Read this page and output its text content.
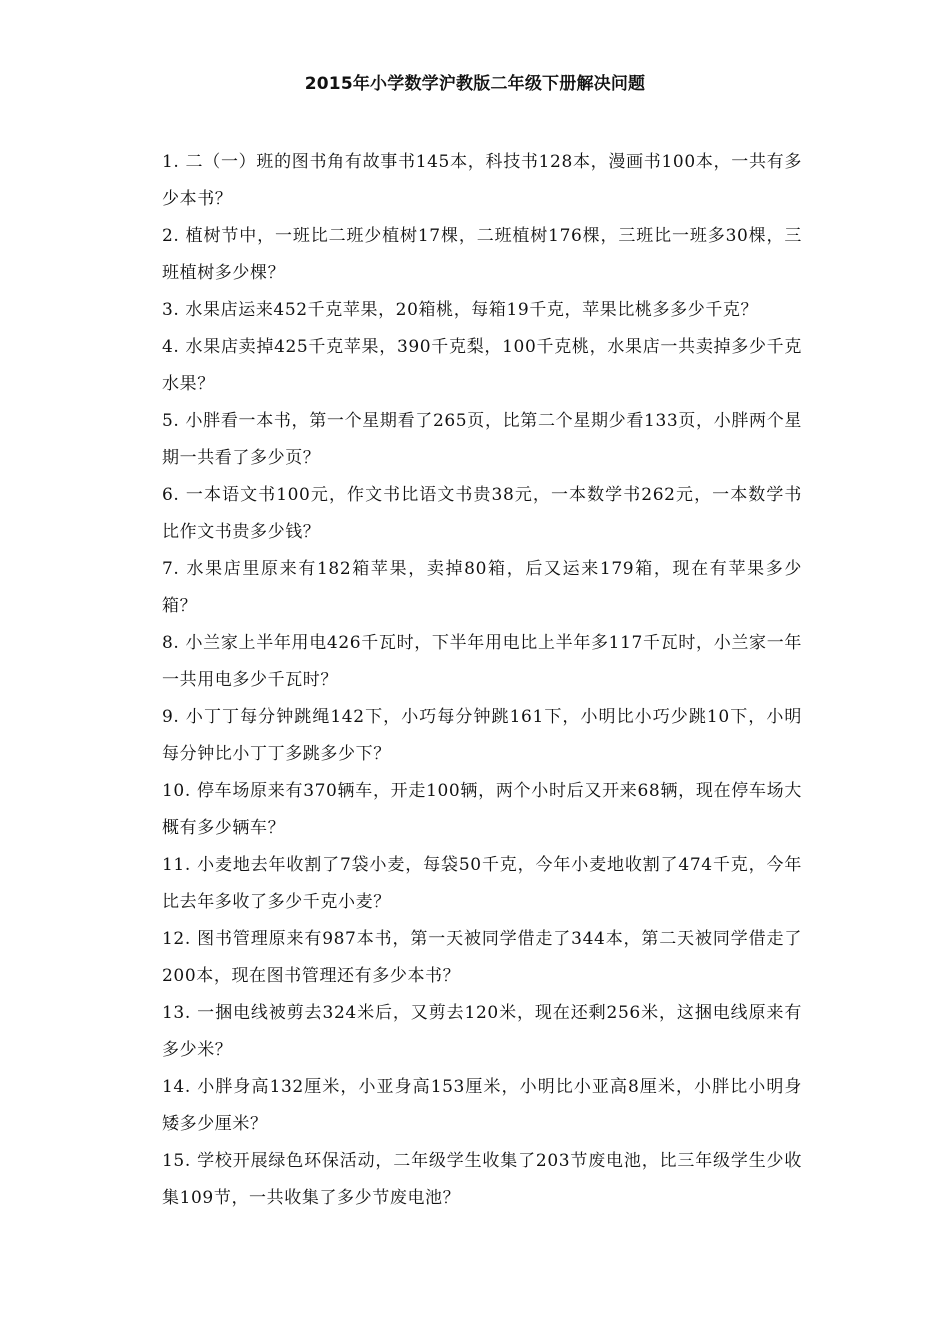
2015年小学数学沪教版二年级下册解决问题
1. 二（一）班的图书角有故事书145本，科技书128本，漫画书100本，一共有多少本书？
2. 植树节中，一班比二班少植树17棵，二班植树176棵，三班比一班多30棵，三班植树多少棵？
3. 水果店运来452千克苹果，20箱桃，每箱19千克，苹果比桃多多少千克？
4. 水果店卖掉425千克苹果，390千克梨，100千克桃，水果店一共卖掉多少千克水果？
5. 小胖看一本书，第一个星期看了265页，比第二个星期少看133页，小胖两个星期一共看了多少页？
6. 一本语文书100元，作文书比语文书贵38元，一本数学书262元，一本数学书比作文书贵多少钱？
7. 水果店里原来有182箱苹果，卖掉80箱，后又运来179箱，现在有苹果多少箱？
8. 小兰家上半年用电426千瓦时，下半年用电比上半年多117千瓦时，小兰家一年一共用电多少千瓦时？
9. 小丁丁每分钟跳绳142下，小巧每分钟跳161下，小明比小巧少跳10下，小明每分钟比小丁丁多跳多少下？
10. 停车场原来有370辆车，开走100辆，两个小时后又开来68辆，现在停车场大概有多少辆车？
11. 小麦地去年收割了7袋小麦，每袋50千克，今年小麦地收割了474千克，今年比去年多收了多少千克小麦？
12. 图书管理原来有987本书，第一天被同学借走了344本，第二天被同学借走了200本，现在图书管理还有多少本书？
13. 一捆电线被剪去324米后，又剪去120米，现在还剩256米，这捆电线原来有多少米？
14. 小胖身高132厘米，小亚身高153厘米，小明比小亚高8厘米，小胖比小明身矮多少厘米？
15. 学校开展绿色环保活动，二年级学生收集了203节废电池，比三年级学生少收集109节，一共收集了多少节废电池？
